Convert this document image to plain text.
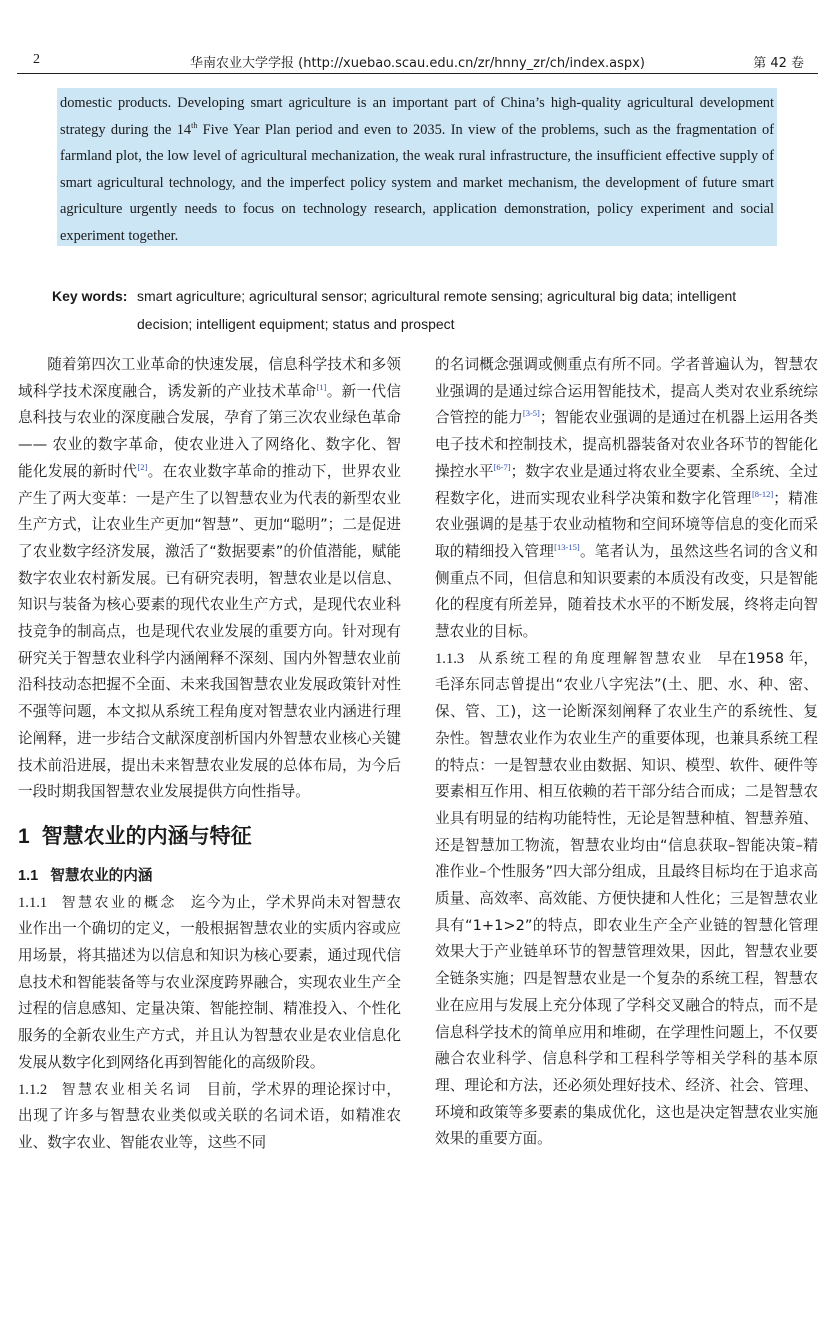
2	华南农业大学学报 (http://xuebao.scau.edu.cn/zr/hnny_zr/ch/index.aspx)	第 42 卷
domestic products. Developing smart agriculture is an important part of China’s high-quality agricultural development strategy during the 14th Five Year Plan period and even to 2035. In view of the problems, such as the fragmentation of farmland plot, the low level of agricultural mechanization, the weak rural infrastructure, the insufficient effective supply of smart agricultural technology, and the imperfect policy system and market mechanism, the development of future smart agriculture urgently needs to focus on technology research, application demonstration, policy experiment and social experiment together.
Key words: smart agriculture; agricultural sensor; agricultural remote sensing; agricultural big data; intelligent decision; intelligent equipment; status and prospect

随着第四次工业革命的快速发展，信息科学技术和多领域科学技术深度融合，诱发新的产业技术革命[1]。新一代信息科技与农业的深度融合发展，孕育了第三次农业绿色革命—— 农业的数字革命，使农业进入了网络化、数字化、智能化发展的新时代[2]。在农业数字革命的推动下，世界农业产生了两大变革：一是产生了以智慧农业为代表的新型农业生产方式，让农业生产更加“智慧”、更加“聪明”；二是促进了农业数字经济发展，激活了“数据要素”的价值潜能，赋能数字农业农村新发展。已有研究表明，智慧农业是以信息、知识与装备为核心要素的现代农业生产方式，是现代农业科技竞争的制高点，也是现代农业发展的重要方向。针对现有研究关于智慧农业科学内涵阐释不深刻、国内外智慧农业前沿科技动态把握不全面、未来我国智慧农业发展政策针对性不强等问题，本文拟从系统工程角度对智慧农业内涵进行理论阐释，进一步结合文献深度剖析国内外智慧农业核心关键技术前沿进展，提出未来智慧农业发展的总体布局，为今后一段时期我国智慧农业发展提供方向性指导。

1 智慧农业的内涵与特征
1.1 智慧农业的内涵

1.1.1 智慧农业的概念 迄今为止，学术界尚未对智慧农业作出一个确切的定义，一般根据智慧农业的实质内容或应用场景，将其描述为以信息和知识为核心要素，通过现代信息技术和智能装备等与农业深度跨界融合，实现农业生产全过程的信息感知、定量决策、智能控制、精准投入、个性化服务的全新农业生产方式，并且认为智慧农业是农业信息化发展从数字化到网络化再到智能化的高级阶段。

1.1.2 智慧农业相关名词 目前，学术界的理论探讨中，出现了许多与智慧农业类似或关联的名词术语，如精准农业、数字农业、智能农业等，这些不同

的名词概念强调或侧重点有所不同。学者普遍认为，智慧农业强调的是通过综合运用智能技术，提高人类对农业系统综合管控的能力[3-5]；智能农业强调的是通过在机器上运用各类电子技术和控制技术，提高机器装备对农业各环节的智能化操控水平[6-7]；数字农业是通过将农业全要素、全系统、全过程数字化，进而实现农业科学决策和数字化管理[8-12]；精准农业强调的是基于农业动植物和空间环境等信息的变化而采取的精细投入管理[13-15]。笔者认为，虽然这些名词的含义和侧重点不同，但信息和知识要素的本质没有改变，只是智能化的程度有所差异，随着技术水平的不断发展，终将走向智慧农业的目标。

1.1.3 从系统工程的角度理解智慧农业 早在1958 年，毛泽东同志曾提出“农业八字宪法”(土、肥、水、种、密、保、管、工)，这一论断深刻阐释了农业生产的系统性、复杂性。智慧农业作为农业生产的重要体现，也兼具系统工程的特点：一是智慧农业由数据、知识、模型、软件、硬件等要素相互作用、相互依赖的若干部分结合而成；二是智慧农业具有明显的结构功能特性，无论是智慧种植、智慧养殖、还是智慧加工物流，智慧农业均由“信息获取–智能决策–精准作业–个性服务”四大部分组成，且最终目标均在于追求高质量、高效率、高效能、方便快捷和人性化；三是智慧农业具有“1+1>2”的特点，即农业生产全产业链的智慧化管理效果大于产业链单环节的智慧管理效果，因此，智慧农业要全链条实施；四是智慧农业是一个复杂的系统工程，智慧农业在应用与发展上充分体现了学科交叉融合的特点，而不是信息科学技术的简单应用和堆砌，在学理性问题上，不仅要融合农业科学、信息科学和工程科学等相关学科的基本原理、理论和方法，还必须处理好技术、经济、社会、管理、环境和政策等多要素的集成优化，这也是决定智慧农业实施效果的重要方面。
